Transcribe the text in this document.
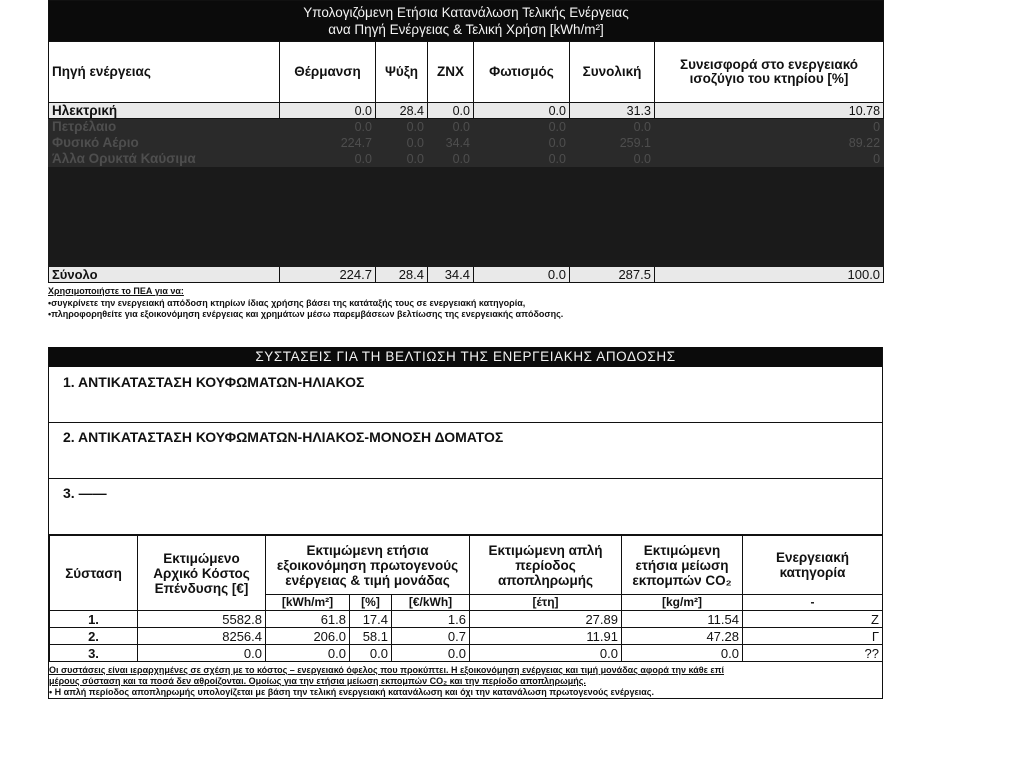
Υπολογιζόμενη Ετήσια Κατανάλωση Τελικής Ενέργειας
ανα Πηγή Ενέργειας & Τελική Χρήση [kWh/m²]						

Πηγή ενέργειας	Θέρμανση	Ψύξη	ΖΝΧ	Φωτισμός	Συνολική	Συνεισφορά στο ενεργειακό ισοζύγιο του κτηρίου [%]
Ηλεκτρική	0.0	28.4	0.0	0.0	31.3	10.78
Πετρέλαιο	0.0	0.0	0.0	0.0	0.0	0
Φυσικό Αέριο	224.7	0.0	34.4	0.0	259.1	89.22
Άλλα Ορυκτά Καύσιμα	0.0	0.0	0.0	0.0	0.0	0

Σύνολο	224.7	28.4	34.4	0.0	287.5	100.0
Χρησιμοποιήστε το ΠΕΑ για να:
•συγκρίνετε την ενεργειακή απόδοση κτηρίων ίδιας χρήσης βάσει της κατάταξής τους σε ενεργειακή κατηγορία,
•πληροφορηθείτε για εξοικονόμηση ενέργειας και χρημάτων μέσω παρεμβάσεων βελτίωσης της ενεργειακής απόδοσης.
ΣΥΣΤΑΣΕΙΣ ΓΙΑ ΤΗ ΒΕΛΤΙΩΣΗ ΤΗΣ ΕΝΕΡΓΕΙΑΚΗΣ ΑΠΟΔΟΣΗΣ
1. ΑΝΤΙΚΑΤΑΣΤΑΣΗ ΚΟΥΦΩΜΑΤΩΝ-ΗΛΙΑΚΟΣ
2. ΑΝΤΙΚΑΤΑΣΤΑΣΗ ΚΟΥΦΩΜΑΤΩΝ-ΗΛΙΑΚΟΣ-ΜΟΝΟΣΗ ΔΟΜΑΤΟΣ
3. ——
Σύσταση	Εκτιμώμενο Αρχικό Κόστος Επένδυσης [€]	Εκτιμώμενη ετήσια εξοικονόμηση πρωτογενούς ενέργειας & τιμή μονάδας			Εκτιμώμενη απλή περίοδος αποπληρωμής	Εκτιμώμενη ετήσια μείωση εκπομπών CO₂	Ενεργειακή κατηγορία
		[kWh/m²]	[%]	[€/kWh]	[έτη]	[kg/m²]	-
1.	5582.8	61.8	17.4	1.6	27.89	11.54	Ζ
2.	8256.4	206.0	58.1	0.7	11.91	47.28	Γ
3.	0.0	0.0	0.0	0.0	0.0	0.0	??
Οι συστάσεις είναι ιεραρχημένες σε σχέση με το κόστος – ενεργειακό όφελος που προκύπτει. Η εξοικονόμηση ενέργειας και τιμή μονάδας αφορά την κάθε επί
μέρους σύσταση και τα ποσά δεν αθροίζονται. Ομοίως για την ετήσια μείωση εκπομπών CO₂ και την περίοδο αποπληρωμής.
• Η απλή περίοδος αποπληρωμής υπολογίζεται με βάση την τελική ενεργειακή κατανάλωση και όχι την κατανάλωση πρωτογενούς ενέργειας.
